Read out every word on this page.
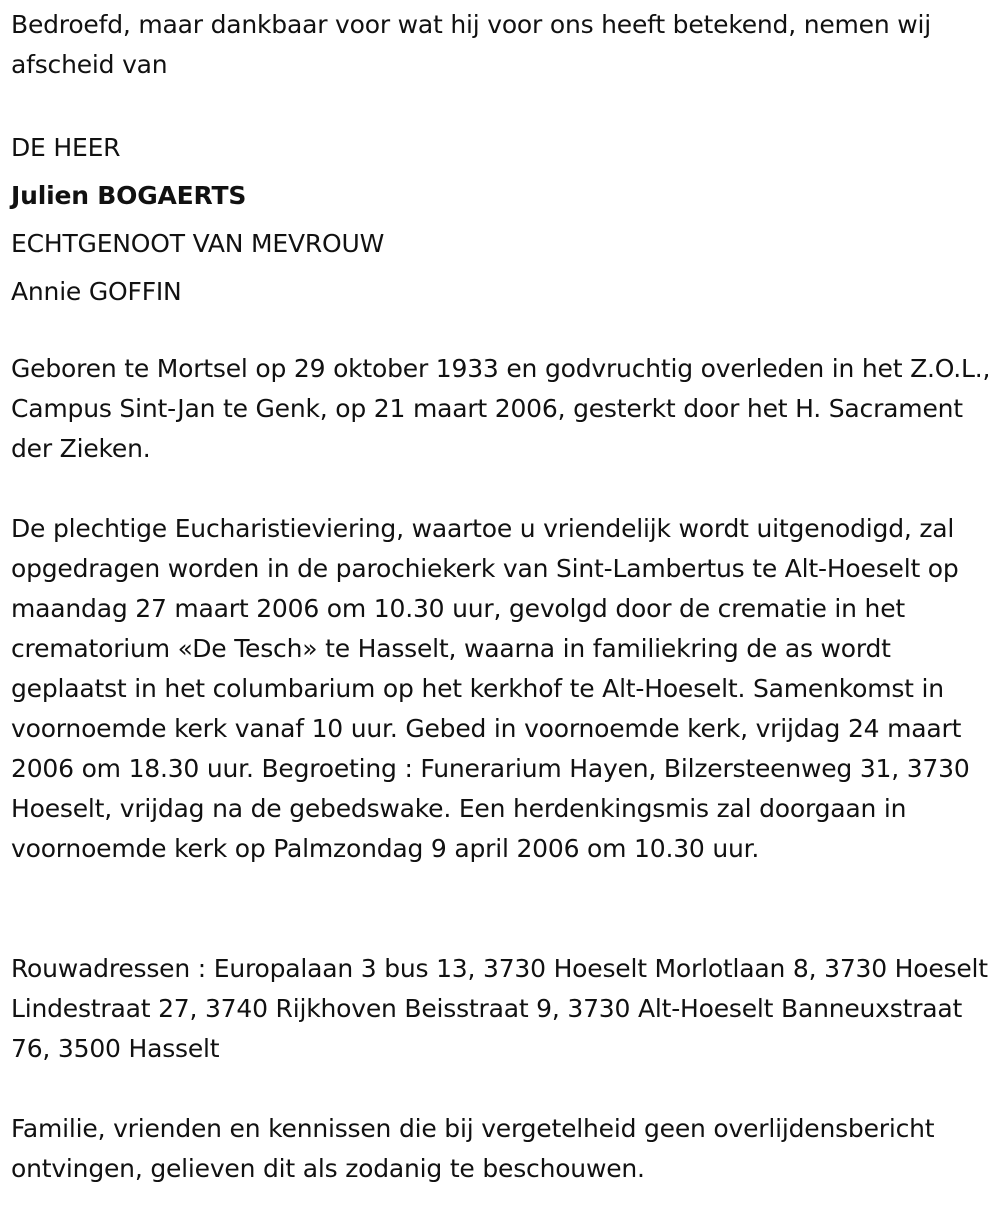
Bedroefd, maar dankbaar voor wat hij voor ons heeft betekend, nemen wij afscheid van

DE HEER

Julien BOGAERTS

ECHTGENOOT VAN MEVROUW

Annie GOFFIN

Geboren te Mortsel op 29 oktober 1933 en godvruchtig overleden in het Z.O.L., Campus Sint-Jan te Genk, op 21 maart 2006, gesterkt door het H. Sacrament der Zieken.

De plechtige Eucharistieviering, waartoe u vriendelijk wordt uitgenodigd, zal opgedragen worden in de parochiekerk van Sint-Lambertus te Alt-Hoeselt op maandag 27 maart 2006 om 10.30 uur, gevolgd door de crematie in het crematorium «De Tesch» te Hasselt, waarna in familiekring de as wordt geplaatst in het columbarium op het kerkhof te Alt-Hoeselt. Samenkomst in voornoemde kerk vanaf 10 uur. Gebed in voornoemde kerk, vrijdag 24 maart 2006 om 18.30 uur. Begroeting : Funerarium Hayen, Bilzersteenweg 31, 3730 Hoeselt, vrijdag na de gebedswake. Een herdenkingsmis zal doorgaan in voornoemde kerk op Palmzondag 9 april 2006 om 10.30 uur.

Rouwadressen : Europalaan 3 bus 13, 3730 Hoeselt Morlotlaan 8, 3730 Hoeselt Lindestraat 27, 3740 Rijkhoven Beisstraat 9, 3730 Alt-Hoeselt Banneuxstraat 76, 3500 Hasselt

Familie, vrienden en kennissen die bij vergetelheid geen overlijdensbericht ontvingen, gelieven dit als zodanig te beschouwen.
